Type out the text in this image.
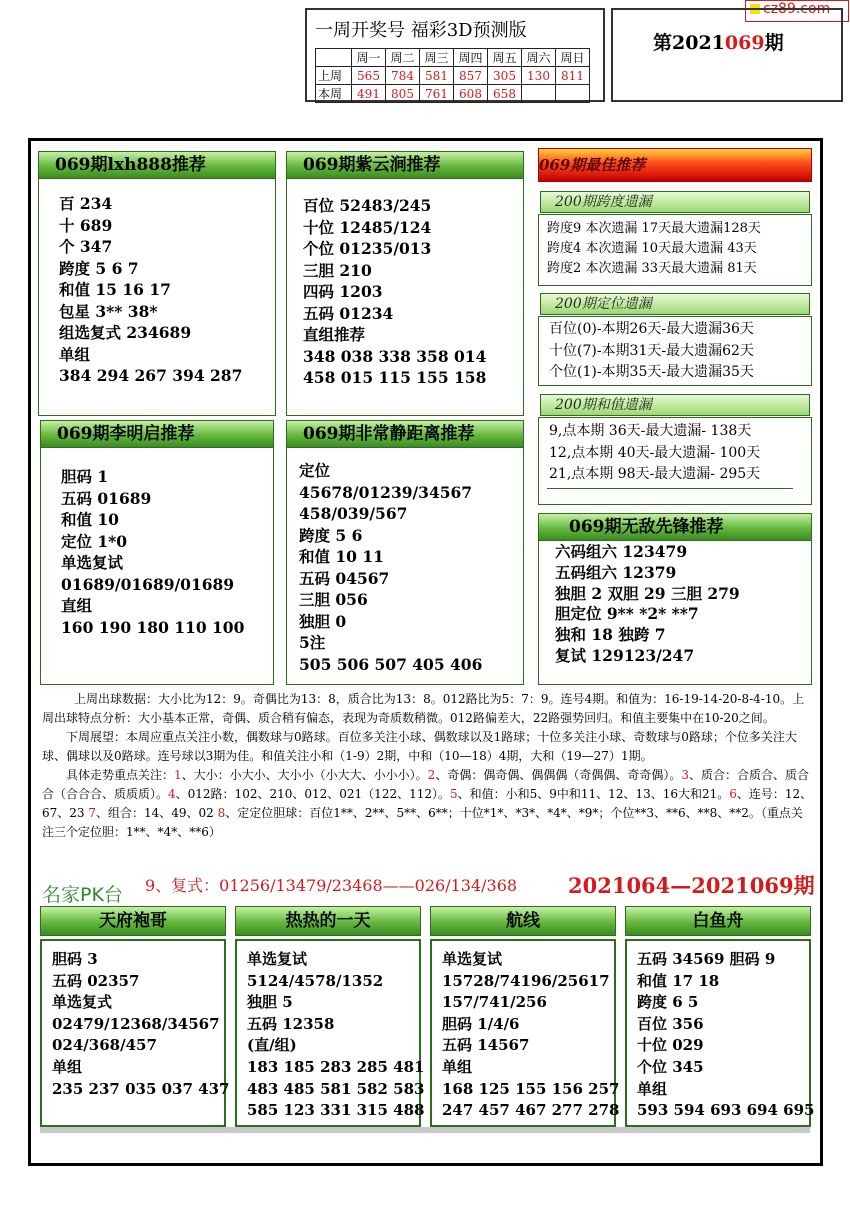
cz89.com
一周开奖号 福彩3D预测版
	周一	周二	周三	周四	周五	周六	周日
上周	565	784	581	857	305	130	811
本周	491	805	761	608	658		
第2021069期
069期lxh888推荐
百 234
十 689
个 347
跨度 5 6 7
和值 15 16 17
包星 3** 38*
组选复式 234689
单组
384 294 267 394 287
069期紫云涧推荐
百位 52483/245
十位 12485/124
个位 01235/013
三胆 210
四码 1203
五码 01234
直组推荐
348 038 338 358 014
458 015 115 155 158
069期李明启推荐
胆码 1
五码 01689
和值 10
定位 1*0
单选复试
01689/01689/01689
直组
160 190 180 110 100
069期非常静距离推荐
定位
45678/01239/34567
458/039/567
跨度 5 6
和值 10 11
五码 04567
三胆 056
独胆 0
5注
505 506 507 405 406
069期最佳推荐
200期跨度遗漏
跨度9 本次遗漏 17天最大遗漏128天
跨度4 本次遗漏 10天最大遗漏 43天
跨度2 本次遗漏 33天最大遗漏 81天
200期定位遗漏
百位(0)-本期26天-最大遗漏36天
十位(7)-本期31天-最大遗漏62天
个位(1)-本期35天-最大遗漏35天
200期和值遗漏
9,点本期 36天-最大遗漏- 138天
12,点本期 40天-最大遗漏- 100天
21,点本期 98天-最大遗漏- 295天
069期无敌先锋推荐
六码组六 123479
五码组六 12379
独胆 2 双胆 29 三胆 279
胆定位 9** *2* **7
独和 18 独跨 7
复试 129123/247

上周出球数据：大小比为12：9。奇偶比为13：8，质合比为13：8。012路比为5：7：9。连号4期。和值为：16-19-14-20-8-4-10。上周出球特点分析：大小基本正常，奇偶、质合稍有偏态，表现为奇质数稍微。012路偏差大，22路强势回归。和值主要集中在10-20之间。

下周展望：本周应重点关注小数，偶数球与0路球。百位多关注小球、偶数球以及1路球；十位多关注小球、奇数球与0路球；个位多关注大球、偶球以及0路球。连号球以3期为佳。和值关注小和（1-9）2期，中和（10—18）4期，大和（19—27）1期。

具体走势重点关注：1、大小：小大小、大小小（小大大、小小小）。2、奇偶：偶奇偶、偶偶偶（奇偶偶、奇奇偶）。3、质合：合质合、质合合（合合合、质质质）。4、012路：102、210、012、021（122、112）。5、和值：小和5、9中和11、12、13、16大和21。6、连号：12、67、23 7、组合：14、49、02 8、定定位胆球：百位1**、2**、5**、6**；十位*1*、*3*、*4*、*9*；个位**3、**6、**8、**2。（重点关注三个定位胆：1**、*4*、**6）

名家PK台 9、复式：01256/13479/23468——026/134/368 2021064—2021069期
天府袍哥
胆码 3
五码 02357
单选复式
02479/12368/34567
024/368/457
单组
235 237 035 037 437
热热的一天
单选复试
5124/4578/1352
独胆 5
五码 12358
(直/组)
183 185 283 285 481
483 485 581 582 583
585 123 331 315 488
航线
单选复试
15728/74196/25617
157/741/256
胆码 1/4/6
五码 14567
单组
168 125 155 156 257
247 457 467 277 278
白鱼舟
五码 34569 胆码 9
和值 17 18
跨度 6 5
百位 356
十位 029
个位 345
单组
593 594 693 694 695
